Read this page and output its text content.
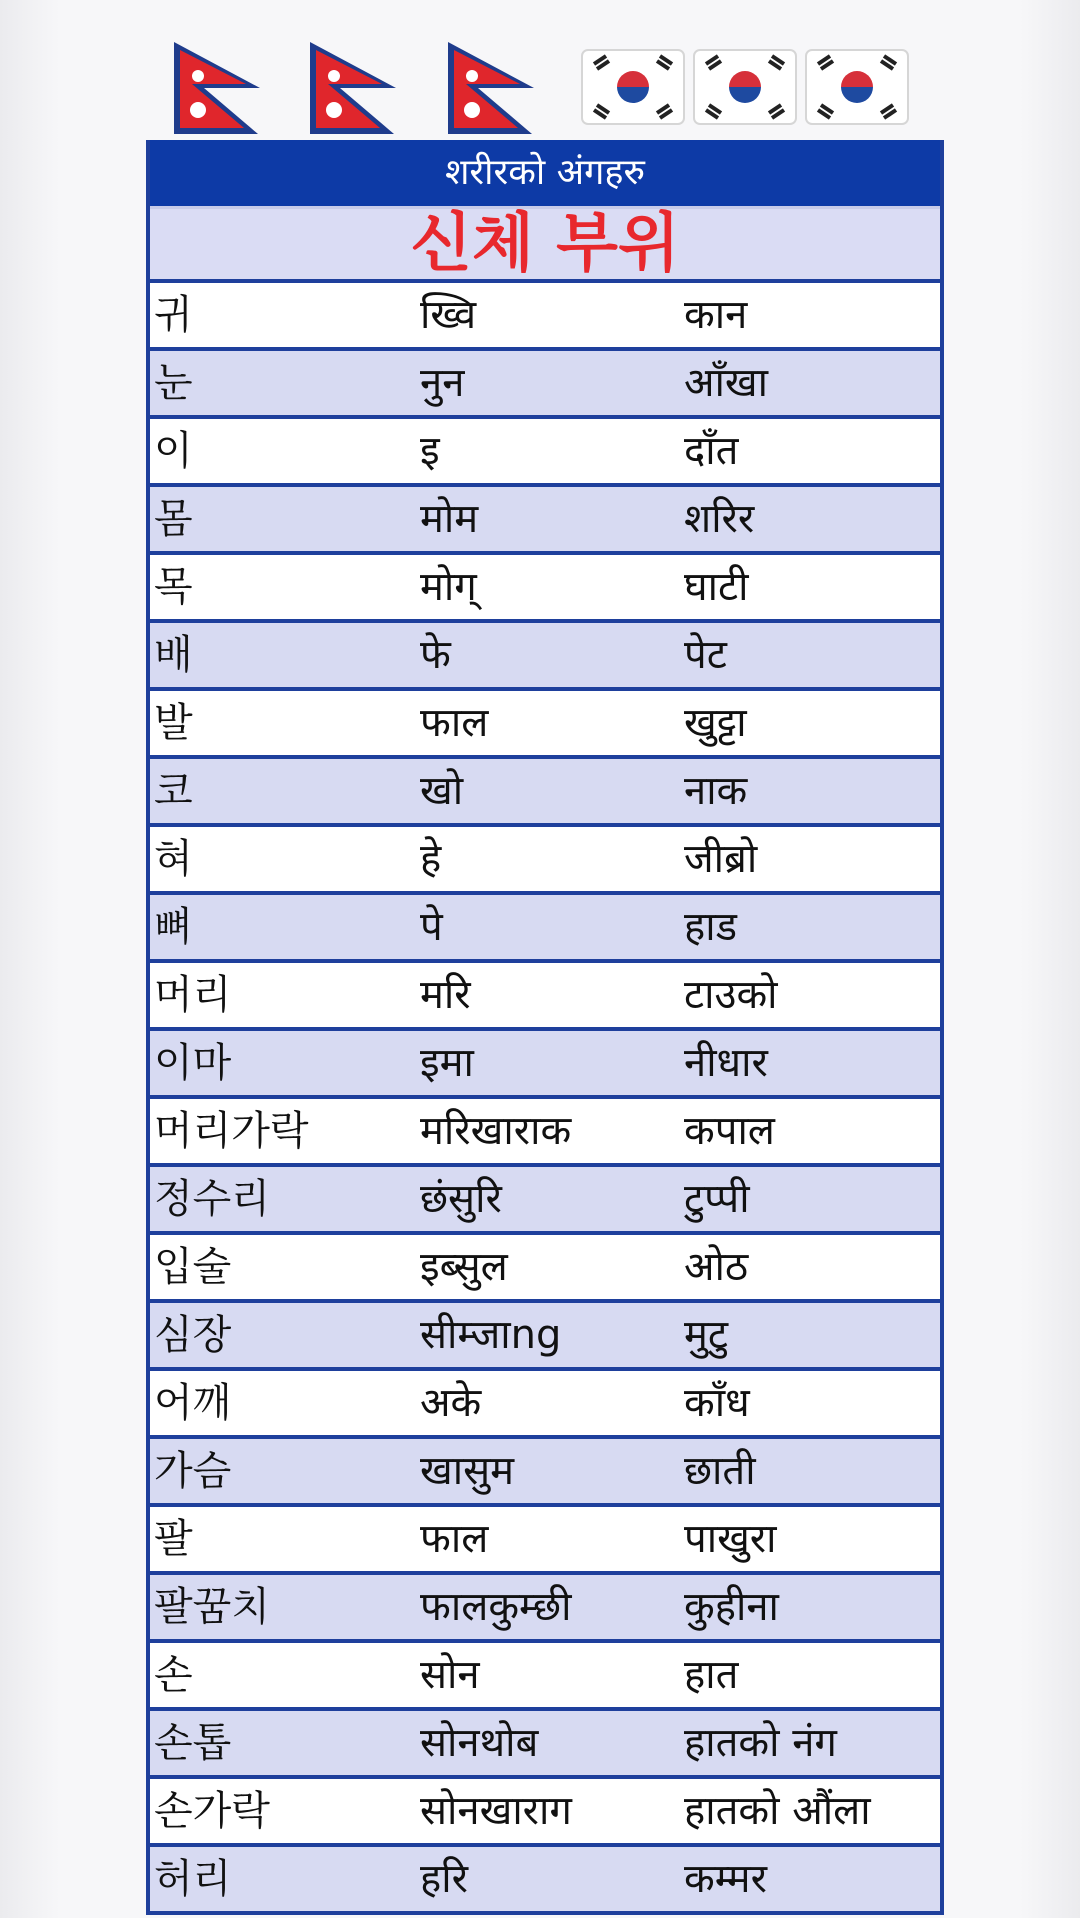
शरीरको अंगहरु
신체 부위
귀	ख्वि	कान
눈	नुन	आँखा
이	इ	दाँत
몸	मोम	शरिर
목	मोग्	घाटी
배	फे	पेट
발	फाल	खुट्टा
코	खो	नाक
혀	हे	जीब्रो
뼈	पे	हाड
머리	मरि	टाउको
이마	इमा	नीधार
머리가락	मरिखाराक	कपाल
정수리	छंसुरि	टुप्पी
입술	इब्सुल	ओठ
심장	सीम्जाng	मुटु
어깨	अके	काँध
가슴	खासुम	छाती
팔	फाल	पाखुरा
팔꿈치	फालकुम्छी	कुहीना
손	सोन	हात
손톱	सोनथोब	हातको नंग
손가락	सोनखाराग	हातको औंला
허리	हरि	कम्मर
